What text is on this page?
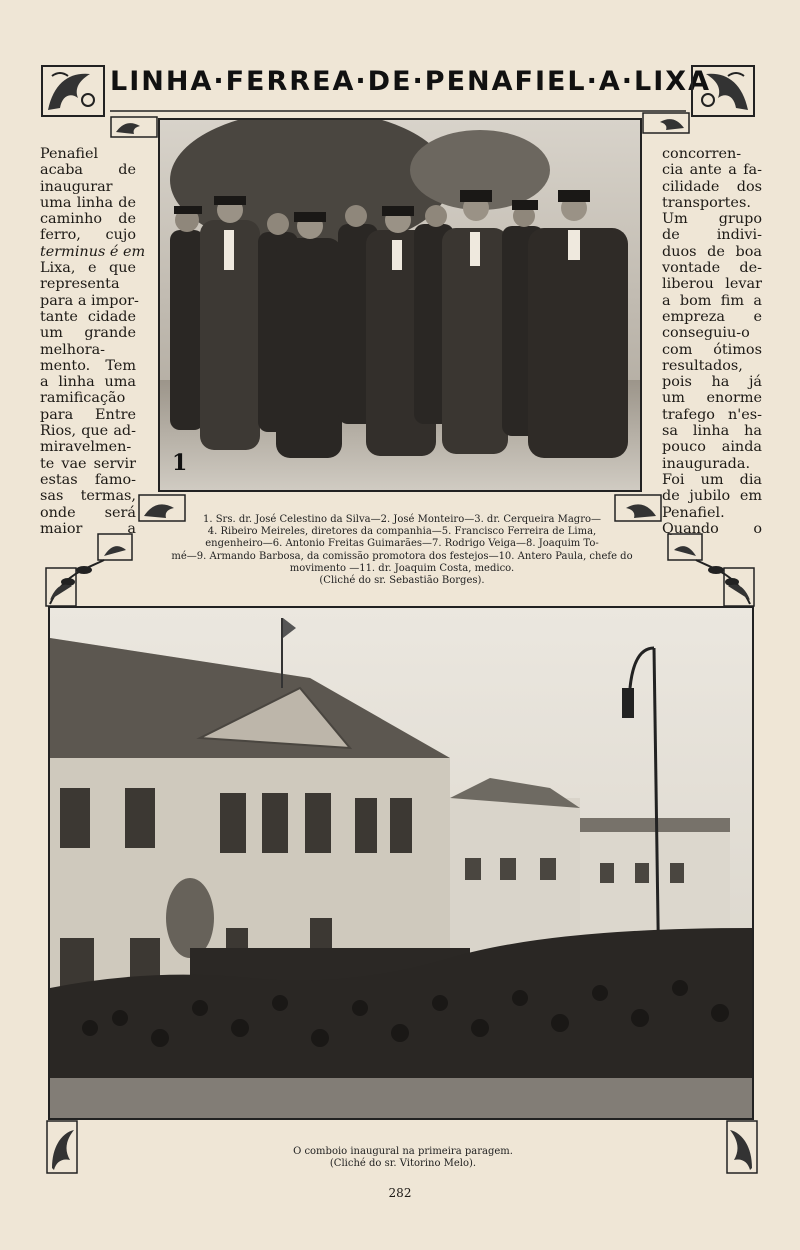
LINHA·FERREA·DE·PENAFIEL·A·LIXA
Penafiel
acaba de
inaugurar
uma linha de
caminho de
ferro, cujo
terminus é em
Lixa, e que
representa
para a impor-
tante cidade
um grande
melhora-
mento. Tem
a linha uma
ramificação
para Entre
Rios, que ad-
miravelmen-
te vae servir
estas famo-
sas termas,
onde será
maior a
1
concorren-
cia ante a fa-
cilidade dos
transportes.
Um grupo
de indivi-
duos de boa
vontade de-
liberou levar
a bom fim a
empreza e
conseguiu-o
com ótimos
resultados,
pois ha já
um enorme
trafego n'es-
sa linha ha
pouco ainda
inaugurada.
Foi um dia
de jubilo em
Penafiel.
Quando o
1. Srs. dr. José Celestino da Silva—2. José Monteiro—3. dr. Cerqueira Magro—
4. Ribeiro Meireles, diretores da companhia—5. Francisco Ferreira de Lima,
engenheiro—6. Antonio Freitas Guimarães—7. Rodrigo Veiga—8. Joaquim To-
mé—9. Armando Barbosa, da comissão promotora dos festejos—10. Antero Paula, chefe do
movimento —11. dr. Joaquim Costa, medico.
(Cliché do sr. Sebastião Borges).
O comboio inaugural na primeira paragem.
(Cliché do sr. Vitorino Melo).
282
